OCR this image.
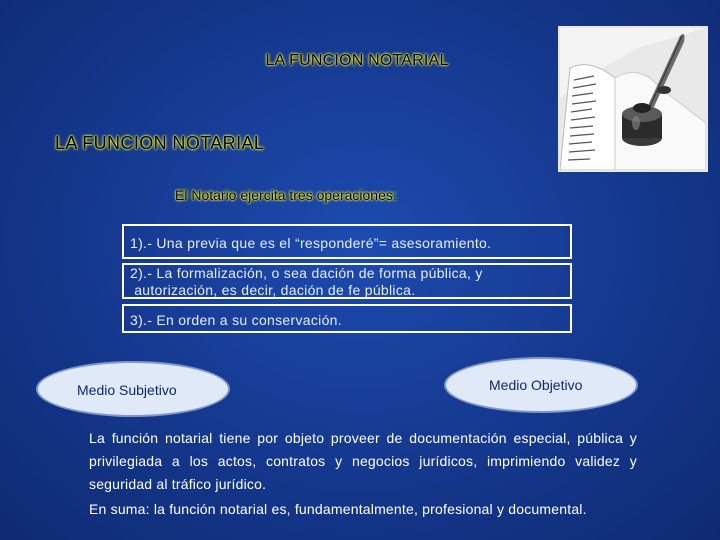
LA FUNCION NOTARIAL
LA FUNCION NOTARIAL
El Notario ejercita tres operaciones:
1).- Una previa que es el “responderé”= asesoramiento.
2).- La formalización, o sea dación de forma pública, y
autorización, es decir, dación de fe pública.
3).- En orden a su conservación.
Medio Subjetivo	Medio Objetivo
La función notarial tiene por objeto proveer de documentación especial, pública y privilegiada a los actos, contratos y negocios jurídicos, imprimiendo validez y seguridad al tráfico jurídico.
En suma: la función notarial es, fundamentalmente, profesional y documental.
